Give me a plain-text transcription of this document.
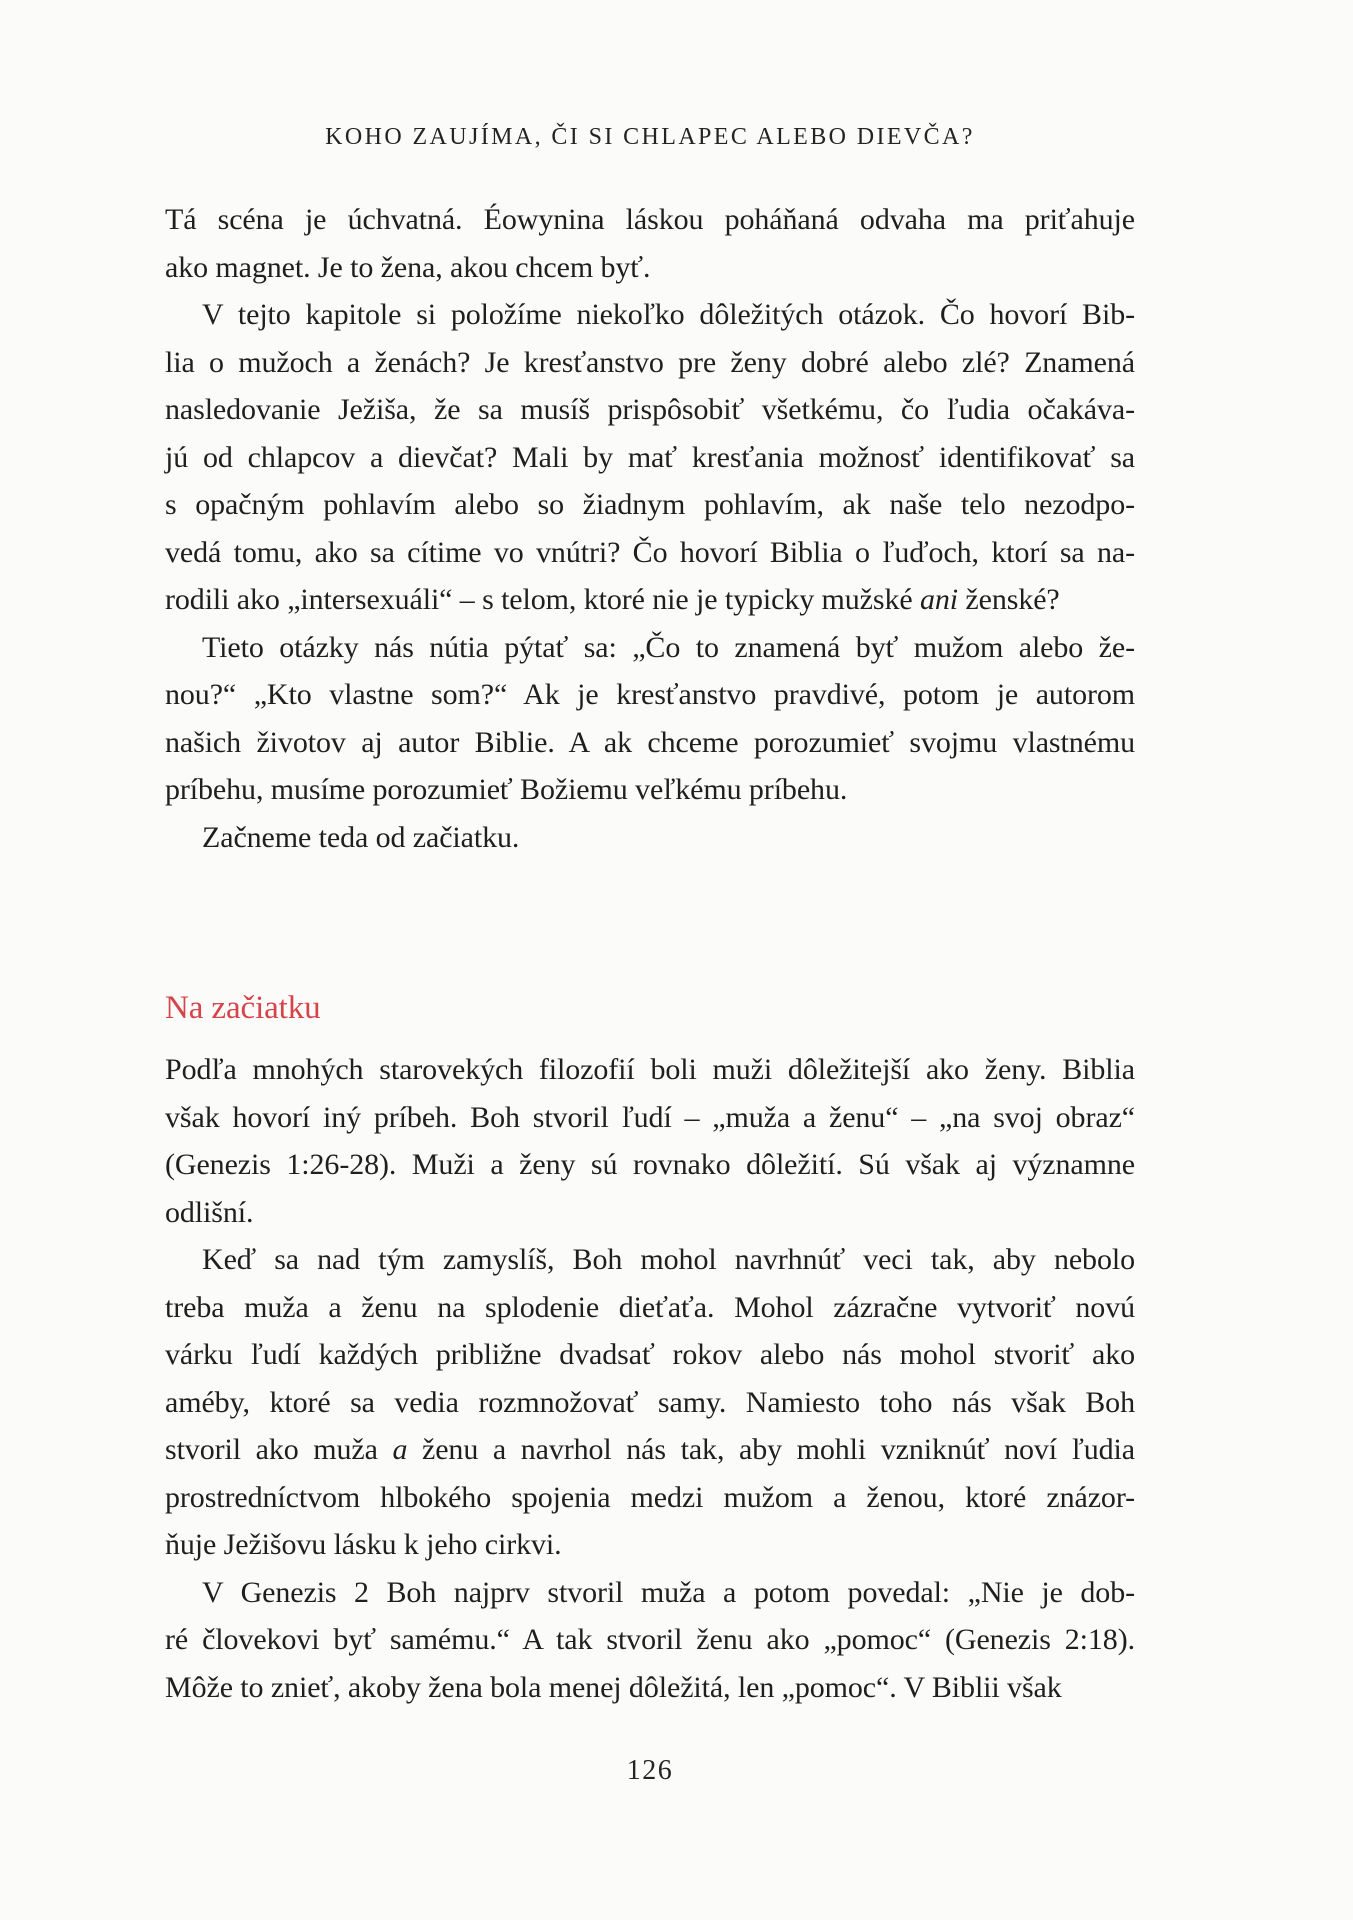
KOHO ZAUJÍMA, ČI SI CHLAPEC ALEBO DIEVČA?
Tá scéna je úchvatná. Éowynina láskou poháňaná odvaha ma priťahuje
ako magnet. Je to žena, akou chcem byť.
V tejto kapitole si položíme niekoľko dôležitých otázok. Čo hovorí Bib-
lia o mužoch a ženách? Je kresťanstvo pre ženy dobré alebo zlé? Znamená
nasledovanie Ježiša, že sa musíš prispôsobiť všetkému, čo ľudia očakáva-
jú od chlapcov a dievčat? Mali by mať kresťania možnosť identifikovať sa
s opačným pohlavím alebo so žiadnym pohlavím, ak naše telo nezodpo-
vedá tomu, ako sa cítime vo vnútri? Čo hovorí Biblia o ľuďoch, ktorí sa na-
rodili ako „intersexuáli“ – s telom, ktoré nie je typicky mužské ani ženské?
Tieto otázky nás nútia pýtať sa: „Čo to znamená byť mužom alebo že-
nou?“ „Kto vlastne som?“ Ak je kresťanstvo pravdivé, potom je autorom
našich životov aj autor Biblie. A ak chceme porozumieť svojmu vlastnému
príbehu, musíme porozumieť Božiemu veľkému príbehu.
Začneme teda od začiatku.
Na začiatku
Podľa mnohých starovekých filozofií boli muži dôležitejší ako ženy. Biblia
však hovorí iný príbeh. Boh stvoril ľudí – „muža a ženu“ – „na svoj obraz“
(Genezis 1:26-28). Muži a ženy sú rovnako dôležití. Sú však aj významne
odlišní.
Keď sa nad tým zamyslíš, Boh mohol navrhnúť veci tak, aby nebolo
treba muža a ženu na splodenie dieťaťa. Mohol zázračne vytvoriť novú
várku ľudí každých približne dvadsať rokov alebo nás mohol stvoriť ako
améby, ktoré sa vedia rozmnožovať samy. Namiesto toho nás však Boh
stvoril ako muža a ženu a navrhol nás tak, aby mohli vzniknúť noví ľudia
prostredníctvom hlbokého spojenia medzi mužom a ženou, ktoré znázor-
ňuje Ježišovu lásku k jeho cirkvi.
V Genezis 2 Boh najprv stvoril muža a potom povedal: „Nie je dob-
ré človekovi byť samému.“ A tak stvoril ženu ako „pomoc“ (Genezis 2:18).
Môže to znieť, akoby žena bola menej dôležitá, len „pomoc“. V Biblii však
126
